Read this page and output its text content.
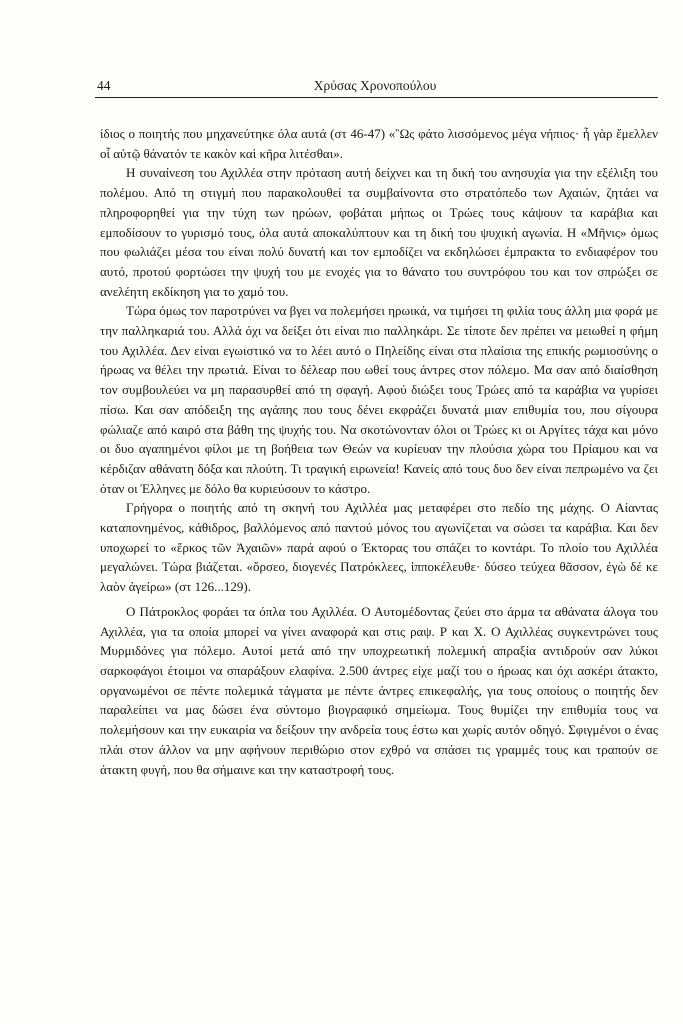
44	Χρύσας Χρονοπούλου

ίδιος ο ποιητής που μηχανεύτηκε όλα αυτά (στ 46-47) «῝Ως φάτο λισσόμενος μέγα νήπιος· ἦ γὰρ ἔμελλεν οἷ αὐτῷ θάνατόν τε κακὸν καὶ κῆρα λιτέσθαι».

Η συναίνεση του Αχιλλέα στην πρόταση αυτή δείχνει και τη δική του ανησυχία για την εξέλιξη του πολέμου. Από τη στιγμή που παρακολουθεί τα συμβαίνοντα στο στρατόπεδο των Αχαιών, ζητάει να πληροφορηθεί για την τύχη των ηρώων, φοβάται μήπως οι Τρώες τους κάψουν τα καράβια και εμποδίσουν το γυρισμό τους, όλα αυτά αποκαλύπτουν και τη δική του ψυχική αγωνία. Η «Μῆνις» όμως που φωλιάζει μέσα του είναι πολύ δυνατή και τον εμποδίζει να εκδηλώσει έμπρακτα το ενδιαφέρον του αυτό, προτού φορτώσει την ψυχή του με ενοχές για το θάνατο του συντρόφου του και τον σπρώξει σε ανελέητη εκδίκηση για το χαμό του.

Τώρα όμως τον παροτρύνει να βγει να πολεμήσει ηρωικά, να τιμήσει τη φιλία τους άλλη μια φορά με την παλληκαριά του. Αλλά όχι να δείξει ότι είναι πιο παλληκάρι. Σε τίποτε δεν πρέπει να μειωθεί η φήμη του Αχιλλέα. Δεν είναι εγωιστικό να το λέει αυτό ο Πηλείδης είναι στα πλαίσια της επικής ρωμιοσύνης ο ήρωας να θέλει την πρωτιά. Είναι το δέλεαρ που ωθεί τους άντρες στον πόλεμο. Μα σαν από διαίσθηση τον συμβουλεύει να μη παρασυρθεί από τη σφαγή. Αφού διώξει τους Τρώες από τα καράβια να γυρίσει πίσω. Και σαν απόδειξη της αγάπης που τους δένει εκφράζει δυνατά μιαν επιθυμία του, που σίγουρα φώλιαζε από καιρό στα βάθη της ψυχής του. Να σκοτώνονταν όλοι οι Τρώες κι οι Αργίτες τάχα και μόνο οι δυο αγαπημένοι φίλοι με τη βοήθεια των Θεών να κυρίευαν την πλούσια χώρα του Πρίαμου και να κέρδιζαν αθάνατη δόξα και πλούτη. Τι τραγική ειρωνεία! Κανείς από τους δυο δεν είναι πεπρωμένο να ζει όταν οι Έλληνες με δόλο θα κυριεύσουν το κάστρο.

Γρήγορα ο ποιητής από τη σκηνή του Αχιλλέα μας μεταφέρει στο πεδίο της μάχης. Ο Αίαντας καταπονημένος, κάθιδρος, βαλλόμενος από παντού μόνος του αγωνίζεται να σώσει τα καράβια. Και δεν υποχωρεί το «ἕρκος τῶν Ἀχαιῶν» παρά αφού ο Έκτορας του σπάζει το κοντάρι. Το πλοίο του Αχιλλέα μεγαλώνει. Τώρα βιάζεται. «ὄρσεο, διογενές Πατρόκλεες, ἱπποκέλευθε· δύσεο τεύχεα θᾶσσον, ἐγὼ δέ κε λαὸν ἀγείρω» (στ 126...129).

Ο Πάτροκλος φοράει τα όπλα του Αχιλλέα. Ο Αυτομέδοντας ζεύει στο άρμα τα αθάνατα άλογα του Αχιλλέα, για τα οποία μπορεί να γίνει αναφορά και στις ραψ. Ρ και Χ. Ο Αχιλλέας συγκεντρώνει τους Μυρμιδόνες για πόλεμο. Αυτοί μετά από την υποχρεωτική πολεμική απραξία αντιδρούν σαν λύκοι σαρκοφάγοι έτοιμοι να σπαράξουν ελαφίνα. 2.500 άντρες είχε μαζί του ο ήρωας και όχι ασκέρι άτακτο, οργανωμένοι σε πέντε πολεμικά τάγματα με πέντε άντρες επικεφαλής, για τους οποίους ο ποιητής δεν παραλείπει να μας δώσει ένα σύντομο βιογραφικό σημείωμα. Τους θυμίζει την επιθυμία τους να πολεμήσουν και την ευκαιρία να δείξουν την ανδρεία τους έστω και χωρίς αυτόν οδηγό. Σφιγμένοι ο ένας πλάι στον άλλον να μην αφήνουν περιθώριο στον εχθρό να σπάσει τις γραμμές τους και τραπούν σε άτακτη φυγή, που θα σήμαινε και την καταστροφή τους.
